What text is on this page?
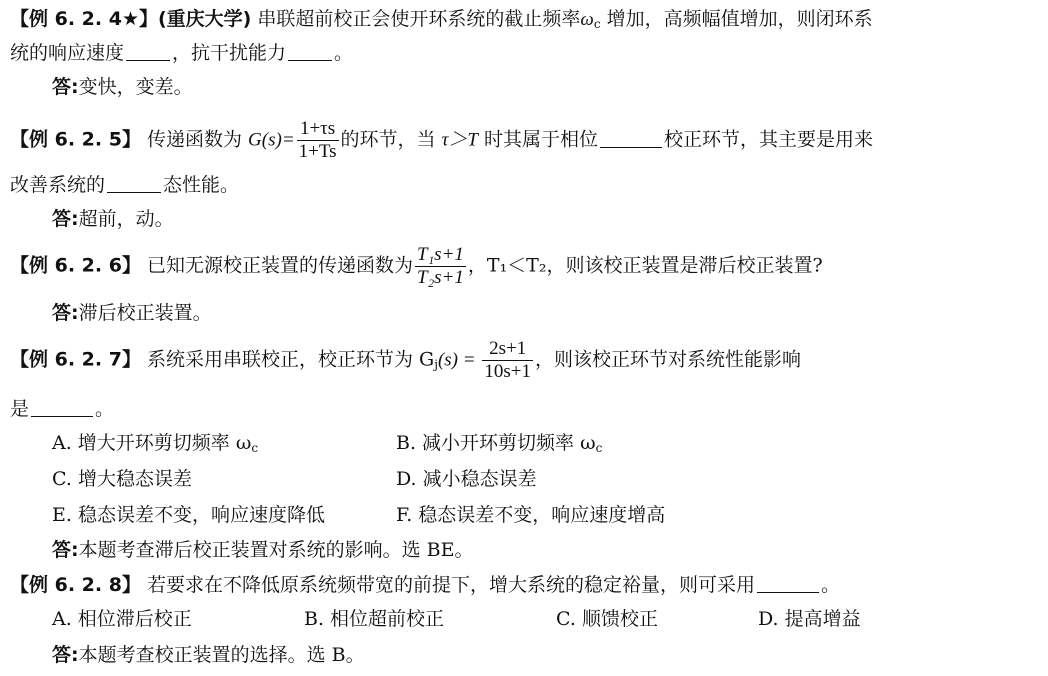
【例 6. 2. 4★】(重庆大学) 串联超前校正会使开环系统的截止频率$\omega_c$ 增加，高频幅值增加，则闭环系
统的响应速度	，抗干扰能力	。
答:变快，变差。
【例 6. 2. 5】 传递函数为 $G(s)= \frac{1+\tau s}{1+Ts}$ 的环节，当 τ＞T 时其属于相位	校正环节，其主要是用来
改善系统的	态性能。
答:超前，动。
【例 6. 2. 6】 已知无源校正装置的传递函数为 $\frac{\text{T₁s+1}}{\text{T₂s+1}}$ ，T₁＜T₂，则该校正装置是滞后校正装置?
答:滞后校正装置。
【例 6. 2. 7】 系统采用串联校正，校正环节为 $G_j(s) = \frac{2s+1}{10s+1}$ ，则该校正环节对系统性能影响
是	。
A. 增大开环剪切频率 $\omega_c$	B. 减小开环剪切频率 $\omega_c$
C. 增大稳态误差	D. 减小稳态误差
E. 稳态误差不变，响应速度降低	F. 稳态误差不变，响应速度增高
答:本题考查滞后校正装置对系统的影响。选 BE。
【例 6. 2. 8】 若要求在不降低原系统频带宽的前提下，增大系统的稳定裕量，则可采用	。
A. 相位滞后校正	B. 相位超前校正	C. 顺馈校正	D. 提高增益
答:本题考查校正装置的选择。选 B。
